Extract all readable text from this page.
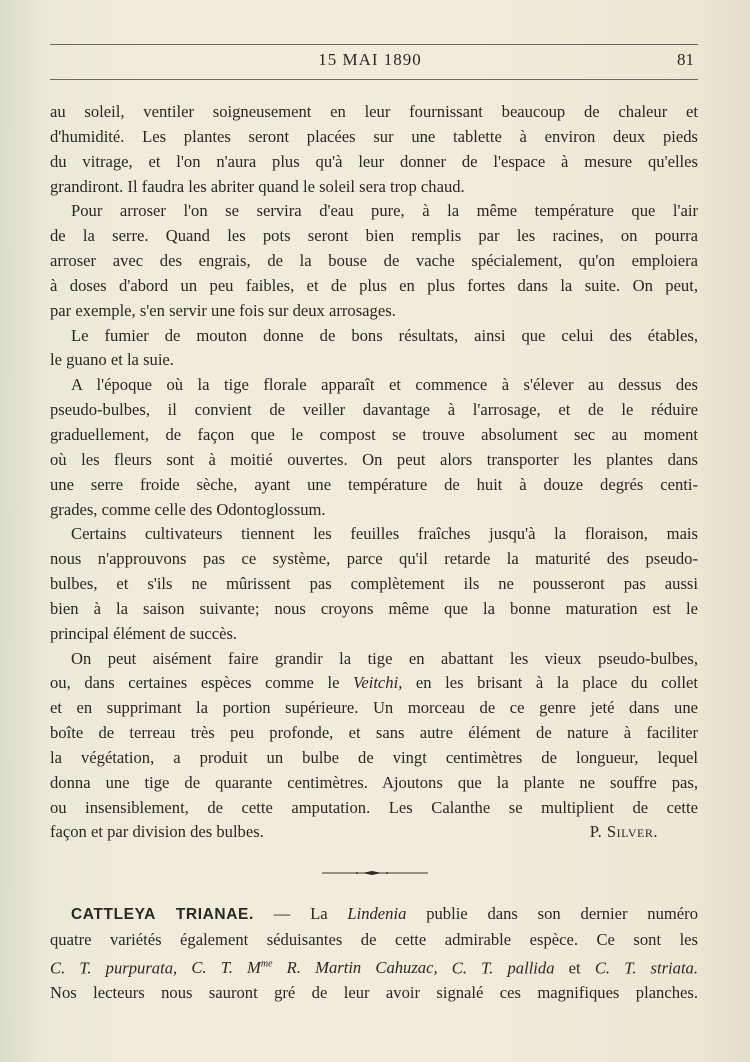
15 MAI 1890	81
au soleil, ventiler soigneusement en leur fournissant beaucoup de chaleur et
d'humidité. Les plantes seront placées sur une tablette à environ deux pieds
du vitrage, et l'on n'aura plus qu'à leur donner de l'espace à mesure qu'elles
grandiront. Il faudra les abriter quand le soleil sera trop chaud.
Pour arroser l'on se servira d'eau pure, à la même température que l'air
de la serre. Quand les pots seront bien remplis par les racines, on pourra
arroser avec des engrais, de la bouse de vache spécialement, qu'on emploiera
à doses d'abord un peu faibles, et de plus en plus fortes dans la suite. On peut,
par exemple, s'en servir une fois sur deux arrosages.
Le fumier de mouton donne de bons résultats, ainsi que celui des étables,
le guano et la suie.
A l'époque où la tige florale apparaît et commence à s'élever au dessus des
pseudo-bulbes, il convient de veiller davantage à l'arrosage, et de le réduire
graduellement, de façon que le compost se trouve absolument sec au moment
où les fleurs sont à moitié ouvertes. On peut alors transporter les plantes dans
une serre froide sèche, ayant une température de huit à douze degrés centi-
grades, comme celle des Odontoglossum.
Certains cultivateurs tiennent les feuilles fraîches jusqu'à la floraison, mais
nous n'approuvons pas ce système, parce qu'il retarde la maturité des pseudo-
bulbes, et s'ils ne mûrissent pas complètement ils ne pousseront pas aussi
bien à la saison suivante; nous croyons même que la bonne maturation est le
principal élément de succès.
On peut aisément faire grandir la tige en abattant les vieux pseudo-bulbes,
ou, dans certaines espèces comme le Veitchi, en les brisant à la place du collet
et en supprimant la portion supérieure. Un morceau de ce genre jeté dans une
boîte de terreau très peu profonde, et sans autre élément de nature à faciliter
la végétation, a produit un bulbe de vingt centimètres de longueur, lequel
donna une tige de quarante centimètres. Ajoutons que la plante ne souffre pas,
ou insensiblement, de cette amputation. Les Calanthe se multiplient de cette
façon et par division des bulbes.	P. Silver.
CATTLEYA TRIANAE. — La Lindenia publie dans son dernier numéro
quatre variétés également séduisantes de cette admirable espèce. Ce sont les
C. T. purpurata, C. T. $M^{me}$ R. Martin Cahuzac, C. T. pallida et C. T. striata.
Nos lecteurs nous sauront gré de leur avoir signalé ces magnifiques planches.
